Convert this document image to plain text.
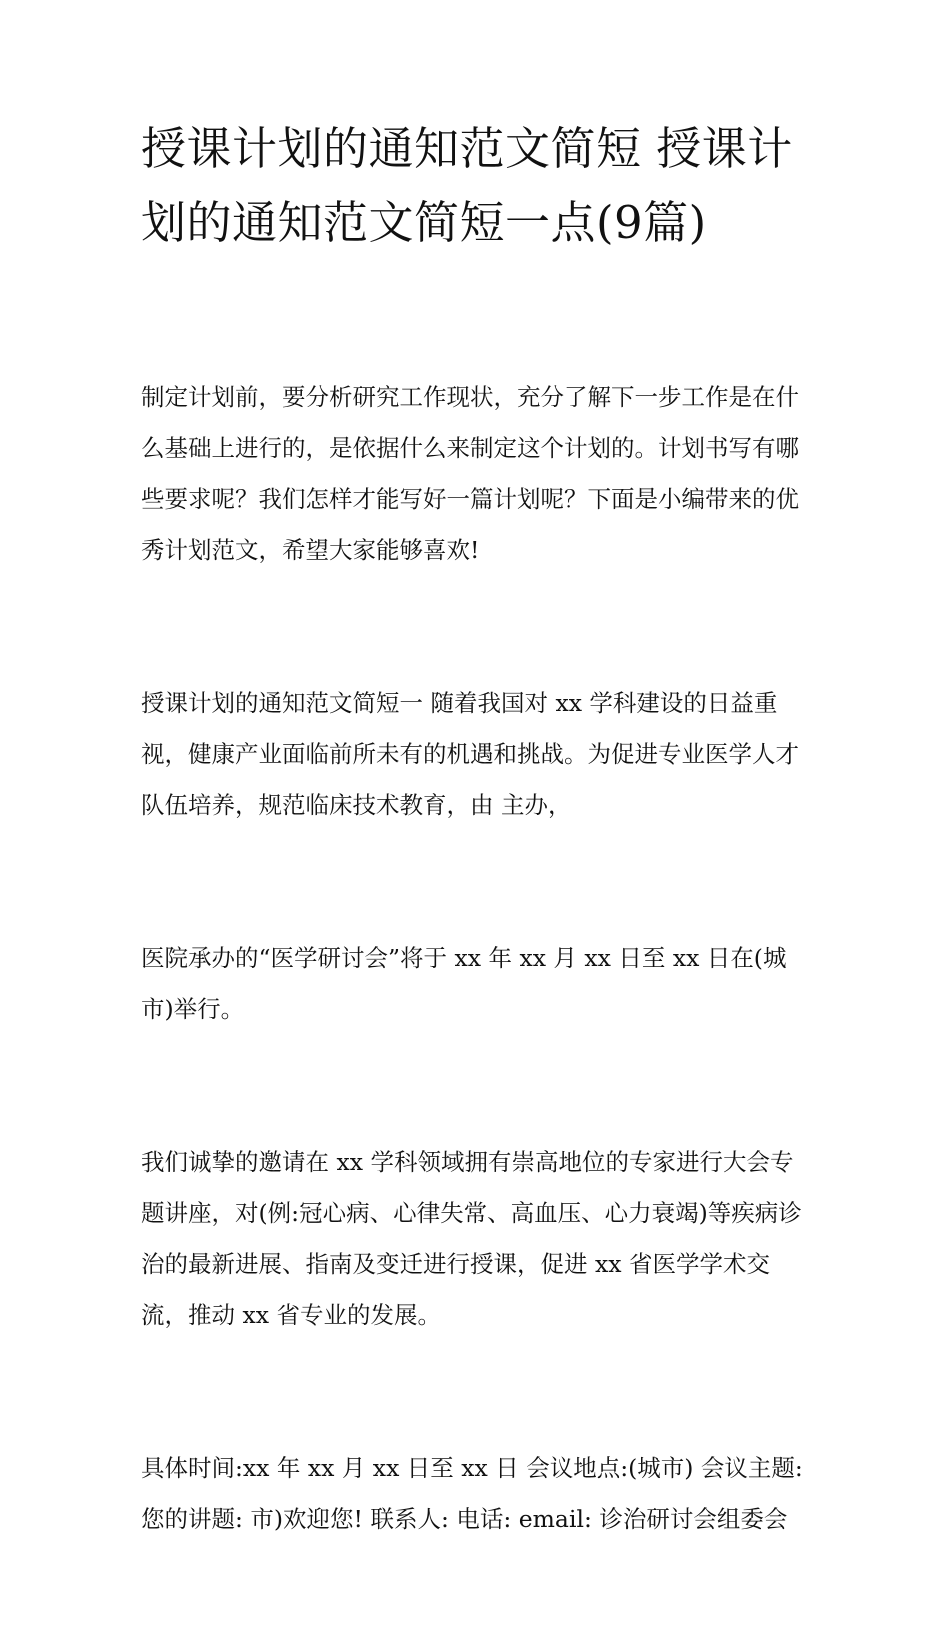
授课计划的通知范文简短 授课计划的通知范文简短一点(9篇)

制定计划前，要分析研究工作现状，充分了解下一步工作是在什么基础上进行的，是依据什么来制定这个计划的。计划书写有哪些要求呢？我们怎样才能写好一篇计划呢？下面是小编带来的优秀计划范文，希望大家能够喜欢!

授课计划的通知范文简短一 随着我国对 xx 学科建设的日益重视，健康产业面临前所未有的机遇和挑战。为促进专业医学人才队伍培养，规范临床技术教育，由 主办，

医院承办的“医学研讨会”将于 xx 年 xx 月 xx 日至 xx 日在(城市)举行。

我们诚挚的邀请在 xx 学科领域拥有崇高地位的专家进行大会专题讲座，对(例:冠心病、心律失常、高血压、心力衰竭)等疾病诊治的最新进展、指南及变迁进行授课，促进 xx 省医学学术交流，推动 xx 省专业的发展。

具体时间:xx 年 xx 月 xx 日至 xx 日 会议地点:(城市) 会议主题: 您的讲题: 市)欢迎您! 联系人: 电话: email: 诊治研讨会组委会
